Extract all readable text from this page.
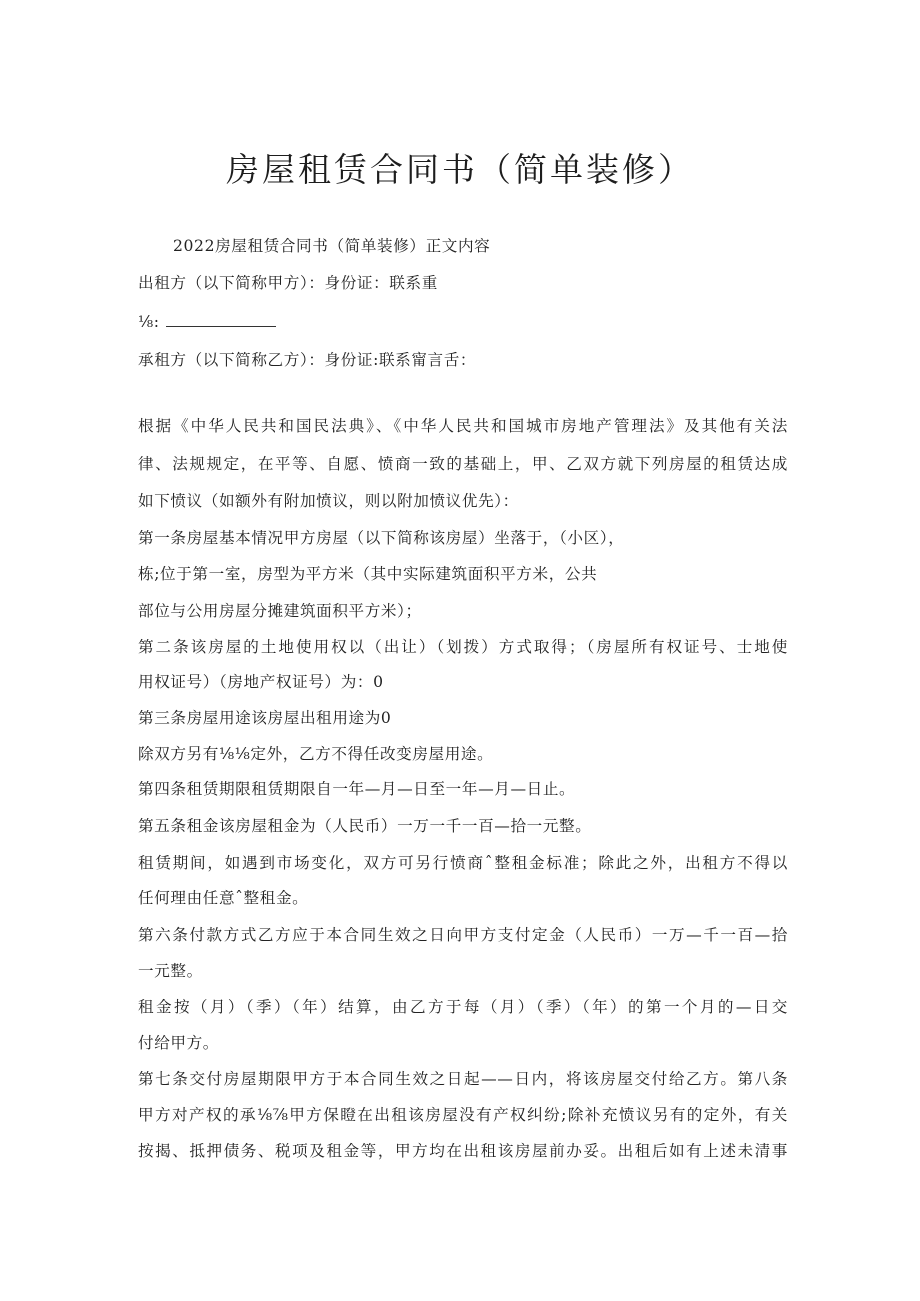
房屋租赁合同书（简单装修）
2022房屋租赁合同书（简单装修）正文内容
出租方（以下简称甲方）：身份证：联系重
⅛:
承租方（以下简称乙方）：身份证:联系甯言舌：
根据《中华人民共和国民法典》、《中华人民共和国城市房地产管理法》及其他有关法
律、法规规定，在平等、自愿、愤商一致的基础上，甲、乙双方就下列房屋的租赁达成
如下愤议（如额外有附加愤议，则以附加愤议优先）：
第一条房屋基本情况甲方房屋（以下简称该房屋）坐落于，（小区），
栋;位于第一室，房型为平方米（其中实际建筑面积平方米，公共
部位与公用房屋分摊建筑面积平方米）；
第二条该房屋的土地使用权以（出让）（划拨）方式取得；（房屋所有权证号、士地使
用权证号）（房地产权证号）为：0
第三条房屋用途该房屋出租用途为0
除双方另有⅛⅛定外，乙方不得任改变房屋用途。
第四条租赁期限租赁期限自一年—月—日至一年—月—日止。
第五条租金该房屋租金为（人民币）一万一千一百—拾一元整。
租赁期间，如遇到市场变化，双方可另行愤商ˆ整租金标准；除此之外，出租方不得以
任何理由任意ˆ整租金。
第六条付款方式乙方应于本合同生效之日向甲方支付定金（人民币）一万—千一百—拾
一元整。
租金按（月）（季）（年）结算，由乙方于每（月）（季）（年）的第一个月的—日交
付给甲方。
第七条交付房屋期限甲方于本合同生效之日起——日内，将该房屋交付给乙方。第八条
甲方对产权的承⅛⅞甲方保瞪在出租该房屋没有产权纠纷;除补充愤议另有的定外，有关
按揭、抵押债务、税项及租金等，甲方均在出租该房屋前办妥。出租后如有上述未清事
